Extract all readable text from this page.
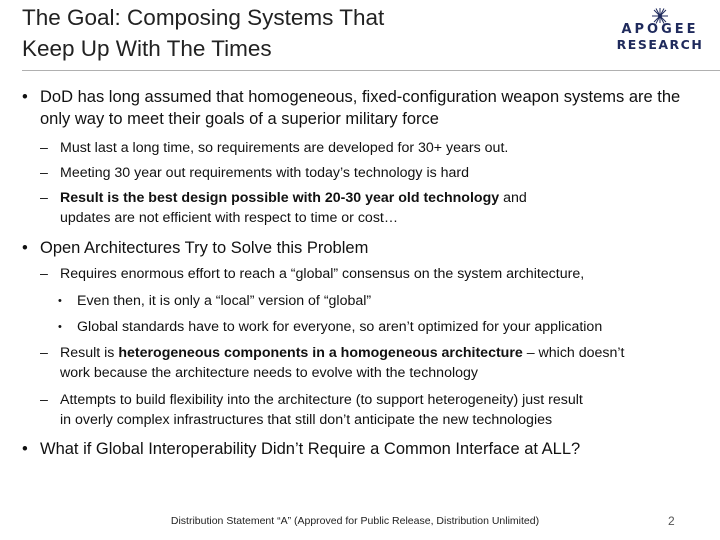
The Goal: Composing Systems That
Keep Up With The Times
APOGEE
RESEARCH
• DoD has long assumed that homogeneous, fixed-configuration weapon systems are the only way to meet their goals of a superior military force
– Must last a long time, so requirements are developed for 30+ years out.
– Meeting 30 year out requirements with today’s technology is hard
– Result is the best design possible with 20-30 year old technology and
updates are not efficient with respect to time or cost…
• Open Architectures Try to Solve this Problem
– Requires enormous effort to reach a “global” consensus on the system architecture,
• Even then, it is only a “local” version of “global”
• Global standards have to work for everyone, so aren’t optimized for your application
– Result is heterogeneous components in a homogeneous architecture – which doesn’t
work because the architecture needs to evolve with the technology
– Attempts to build flexibility into the architecture (to support heterogeneity) just result
in overly complex infrastructures that still don’t anticipate the new technologies
• What if Global Interoperability Didn’t Require a Common Interface at ALL?
Distribution Statement “A” (Approved for Public Release, Distribution Unlimited)	2
